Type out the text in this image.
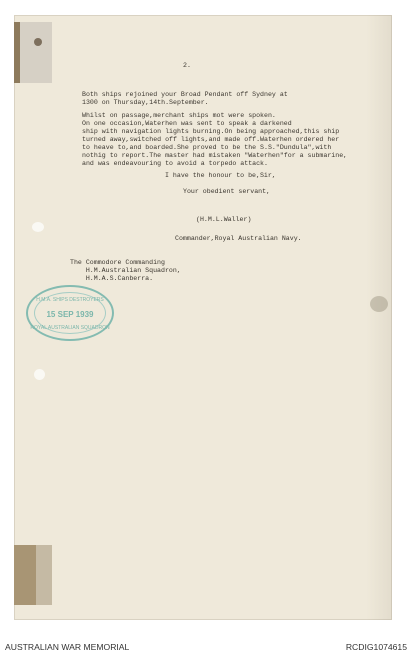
2.
Both ships rejoined your Broad Pendant off Sydney at
1300 on Thursday,14th.September.
Whilst on passage,merchant ships mot were spoken.
On one occasion,Waterhen was sent to speak a darkened
ship with navigation lights burning.On being approached,this ship
turned away,switched off lights,and made off.Waterhen ordered her
to heave to,and boarded.She proved to be the S.S."Dundula",with
nothig to report.The master had mistaken "Waterhen"for a submarine,
and was endeavouring to avoid a torpedo attack.
I have the honour to be,Sir,
Your obedient servant,
(H.M.L.Waller)
Commander,Royal Australian Navy.
The Commodore Commanding
H.M.Australian Squadron,
H.M.A.S.Canberra.
H.M.A. SHIPS DESTROYERS
15 SEP 1939
ROYAL AUSTRALIAN SQUADRON
AUSTRALIAN WAR MEMORIAL	RCDIG1074615
